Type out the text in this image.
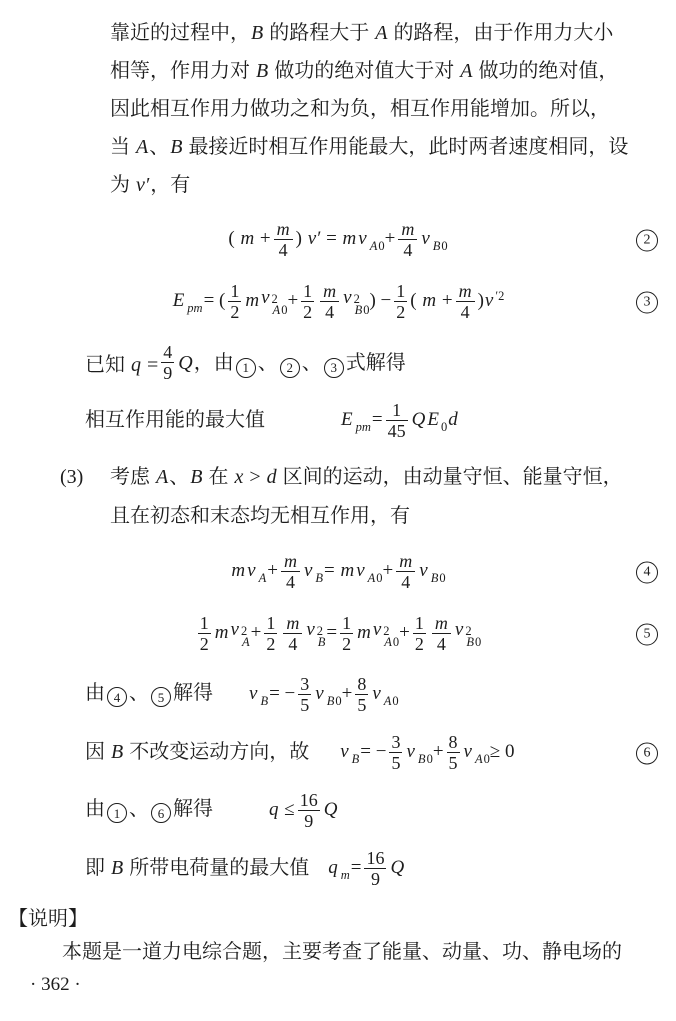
靠近的过程中，B 的路程大于 A 的路程，由于作用力大小
相等，作用力对 B 做功的绝对值大于对 A 做功的绝对值，
因此相互作用力做功之和为负，相互作用能增加。所以，
当 A、B 最接近时相互作用能最大，此时两者速度相同，设
为 v′，有
( $m + \frac{m}{4}$ ) v′ = m v $_{A0} + \frac{m}{4}$ v $_{B0}$	2
E $_{pm}$ = ( $\frac{1}{2}$ m v 2
$A0 + \frac{1}{2} \frac{m}{4}$ v 2
B0 ) − $\frac{1}{2}$ ( $m + \frac{m}{4}$ ) v $^{'2}$	3
已知 $q = \frac{4}{9}$ Q，由 1 、 2 、 3 式解得
相互作用能的最大值	E $_{pm} = \frac{1}{45}$ Q E $_0$ d
(3)	考虑 A、B 在 x > d 区间的运动，由动量守恒、能量守恒，
且在初态和末态均无相互作用，有
m v $_A + \frac{m}{4}$ v $_B$ = m v $_{A0} + \frac{m}{4}$ v $_{B0}$	4
$\frac{1}{2}$ m v 2
$A + \frac{1}{2} \frac{m}{4}$ v 2
$B = \frac{1}{2}$ m v 2
$A0 + \frac{1}{2} \frac{m}{4}$ v 2
B0	5
由 4 、 5 解得 v $_B$ = − $\frac{3}{5}$ v $_{B0} + \frac{8}{5}$ v $_{A0}$
因 B 不改变运动方向，故 v $_B$ = − $\frac{3}{5}$ v $_{B0} + \frac{8}{5}$ v $_{A0}$ ≥ 0	6
由 1 、 6 解得	$q \le \frac{16}{9}$ Q
即 B 所带电荷量的最大值 q $_m = \frac{16}{9}$ Q
【说明】
本题是一道力电综合题，主要考查了能量、动量、功、静电场的
· 362 ·
